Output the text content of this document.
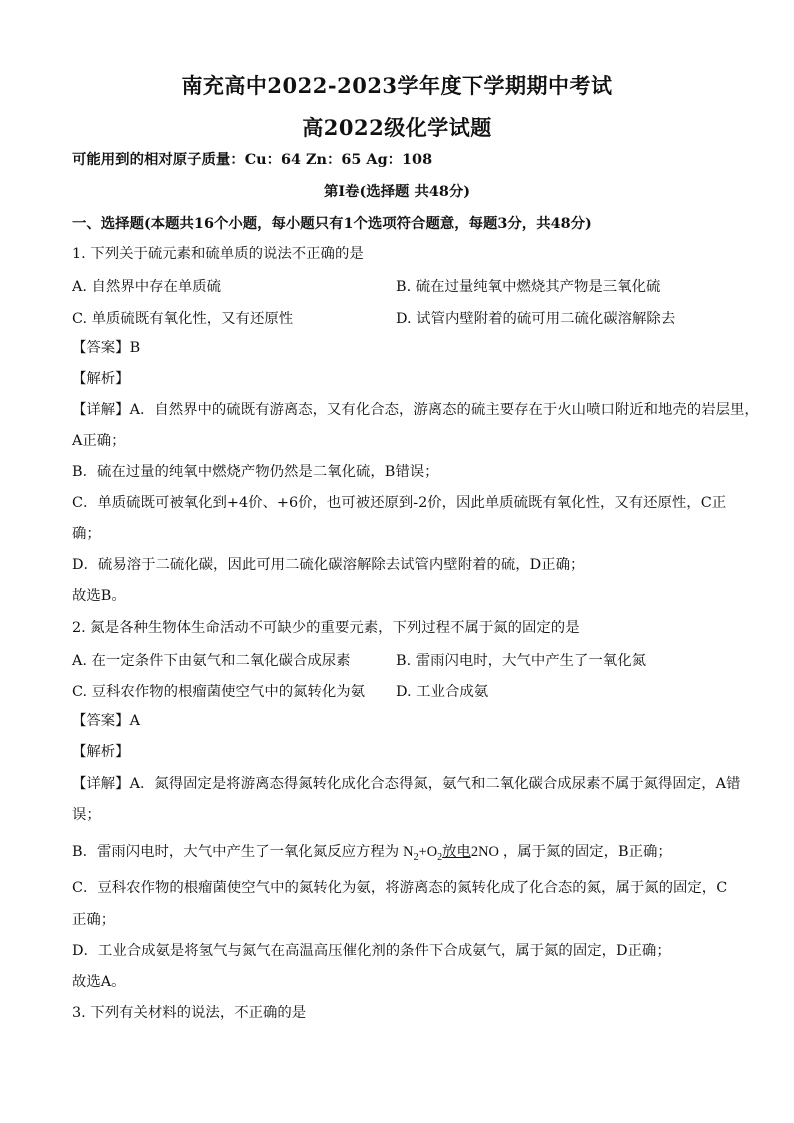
南充高中2022-2023学年度下学期期中考试
高2022级化学试题
可能用到的相对原子质量：Cu：64 Zn：65 Ag：108
第Ⅰ卷(选择题 共48分)
一、选择题(本题共16个小题，每小题只有1个选项符合题意，每题3分，共48分)
1. 下列关于硫元素和硫单质的说法不正确的是
A. 自然界中存在单质硫	B. 硫在过量纯氧中燃烧其产物是三氧化硫
C. 单质硫既有氧化性，又有还原性	D. 试管内壁附着的硫可用二硫化碳溶解除去
【答案】B
【解析】
【详解】A．自然界中的硫既有游离态，又有化合态，游离态的硫主要存在于火山喷口附近和地壳的岩层里，
A正确；
B．硫在过量的纯氧中燃烧产物仍然是二氧化硫，B错误；
C．单质硫既可被氧化到+4价、+6价，也可被还原到-2价，因此单质硫既有氧化性，又有还原性，C正
确；
D．硫易溶于二硫化碳，因此可用二硫化碳溶解除去试管内壁附着的硫，D正确；
故选B。
2. 氮是各种生物体生命活动不可缺少的重要元素，下列过程不属于氮的固定的是
A. 在一定条件下由氨气和二氧化碳合成尿素	B. 雷雨闪电时，大气中产生了一氧化氮
C. 豆科农作物的根瘤菌使空气中的氮转化为氨 D. 工业合成氨
【答案】A
【解析】
【详解】A．氮得固定是将游离态得氮转化成化合态得氮，氨气和二氧化碳合成尿素不属于氮得固定，A错
误；
B．雷雨闪电时，大气中产生了一氧化氮反应方程为 $N_2+O_2$放电2NO ，属于氮的固定，B正确；
C．豆科农作物的根瘤菌使空气中的氮转化为氨，将游离态的氮转化成了化合态的氮，属于氮的固定，C
正确；
D．工业合成氨是将氢气与氮气在高温高压催化剂的条件下合成氨气，属于氮的固定，D正确；
故选A。
3. 下列有关材料的说法，不正确的是
